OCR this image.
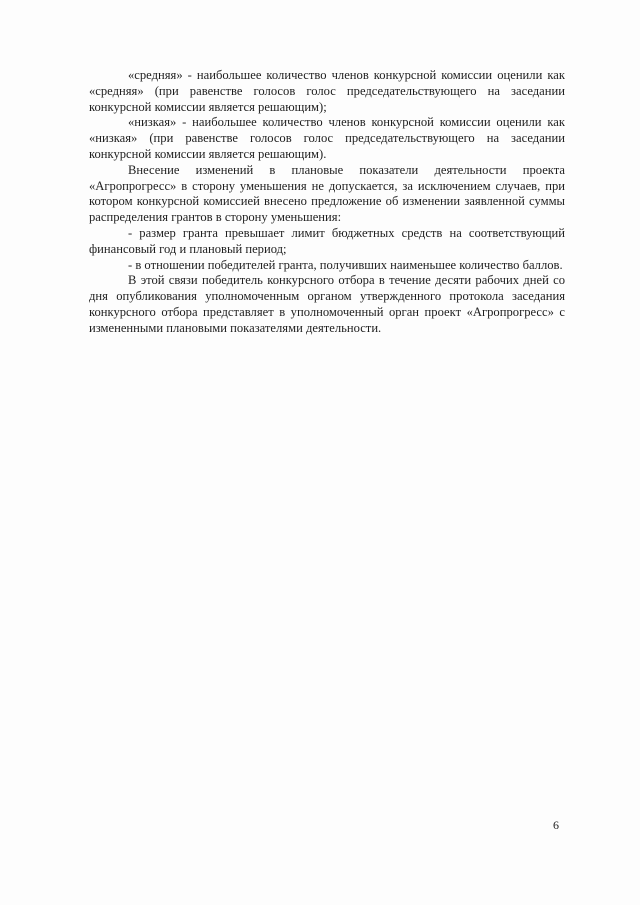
«средняя» - наибольшее количество членов конкурсной комиссии оценили как «средняя» (при равенстве голосов голос председательствующего на заседании конкурсной комиссии является решающим);

«низкая» - наибольшее количество членов конкурсной комиссии оценили как «низкая» (при равенстве голосов голос председательствующего на заседании конкурсной комиссии является решающим).

Внесение изменений в плановые показатели деятельности проекта «Агропрогресс» в сторону уменьшения не допускается, за исключением случаев, при котором конкурсной комиссией внесено предложение об изменении заявленной суммы распределения грантов в сторону уменьшения:

- размер гранта превышает лимит бюджетных средств на соответствующий финансовый год и плановый период;

- в отношении победителей гранта, получивших наименьшее количество баллов.

В этой связи победитель конкурсного отбора в течение десяти рабочих дней со дня опубликования уполномоченным органом утвержденного протокола заседания конкурсного отбора представляет в уполномоченный орган проект «Агропрогресс» с измененными плановыми показателями деятельности.

6
